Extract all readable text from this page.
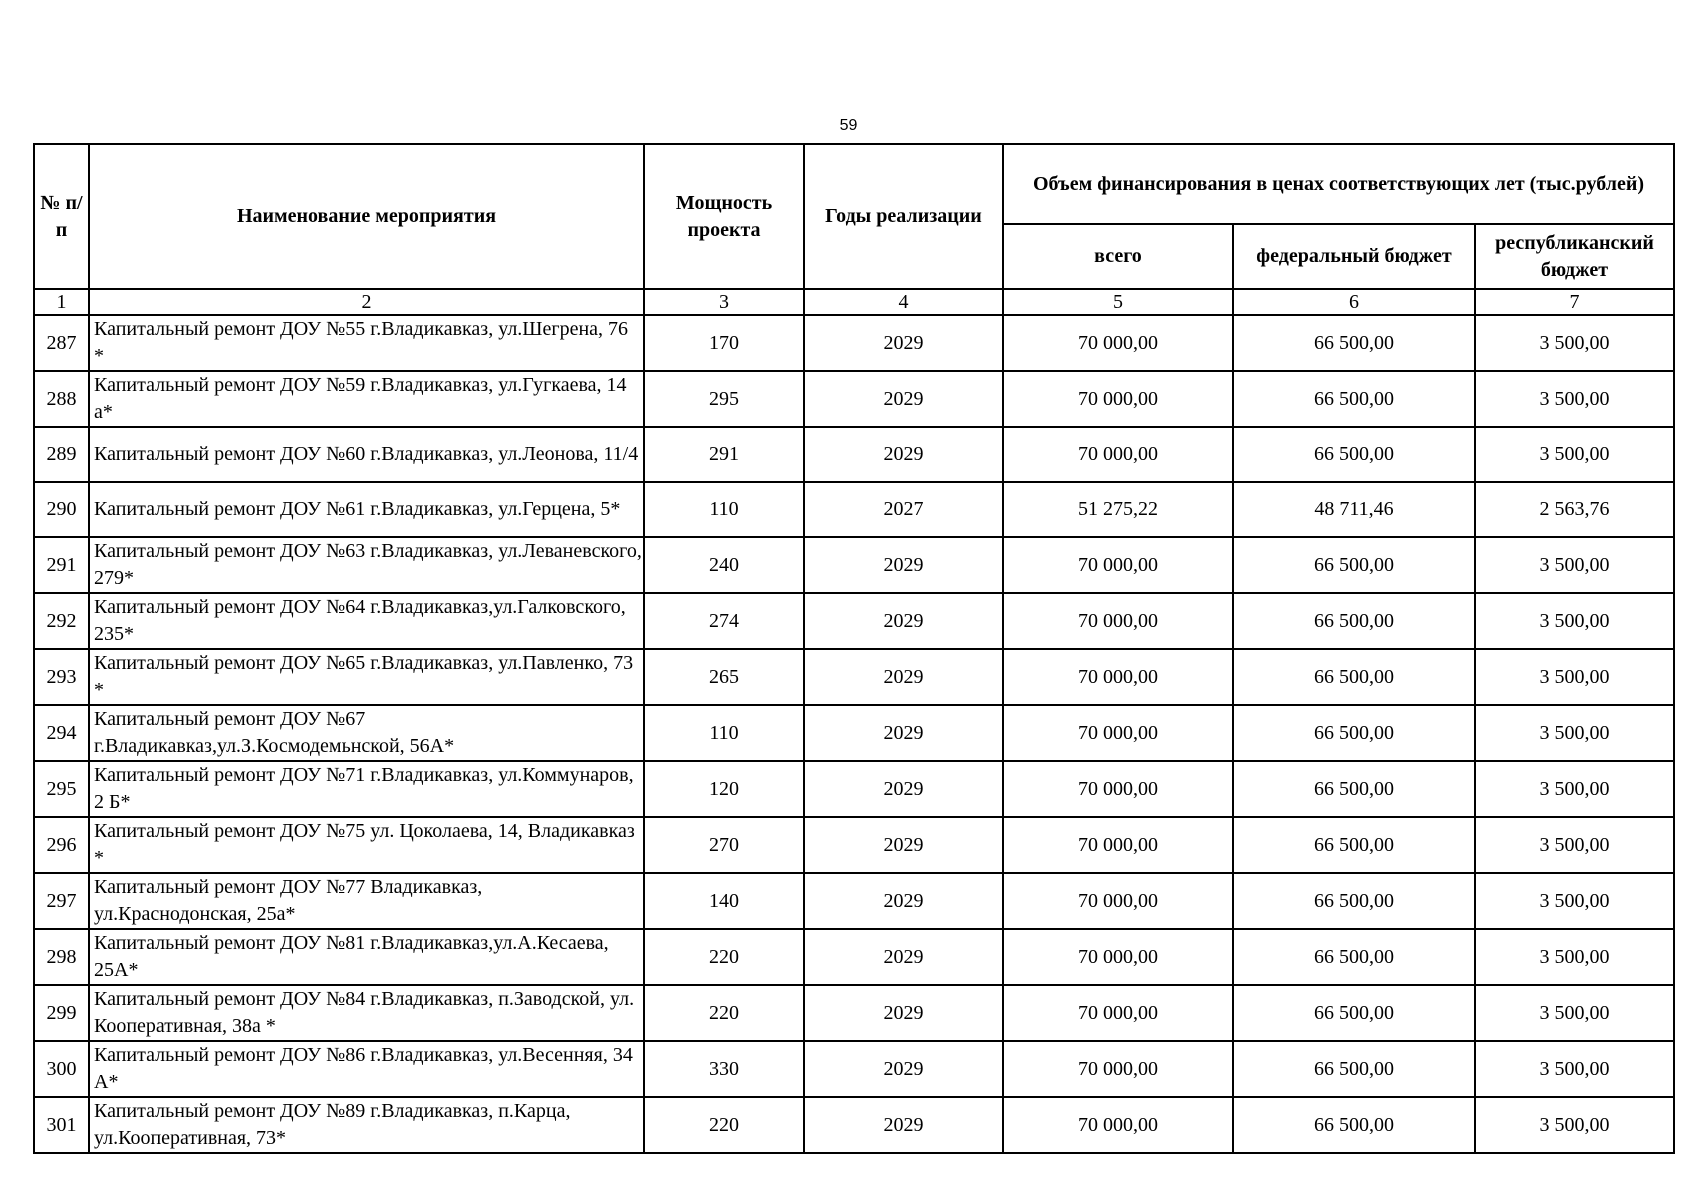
59
№ п/п	Наименование мероприятия	Мощность проекта	Годы реализации	Объем финансирования в ценах соответствующих лет (тыс.рублей)		
				всего	федеральный бюджет	республиканский бюджет
1	2	3	4	5	6	7
287	Капитальный ремонт ДОУ №55 г.Владикавказ, ул.Шегрена, 76 *	170	2029	70 000,00	66 500,00	3 500,00
288	Капитальный ремонт ДОУ №59 г.Владикавказ, ул.Гугкаева, 14 а*	295	2029	70 000,00	66 500,00	3 500,00
289	Капитальный ремонт ДОУ №60 г.Владикавказ, ул.Леонова, 11/4	291	2029	70 000,00	66 500,00	3 500,00
290	Капитальный ремонт ДОУ №61 г.Владикавказ, ул.Герцена, 5*	110	2027	51 275,22	48 711,46	2 563,76
291	Капитальный ремонт ДОУ №63 г.Владикавказ, ул.Леваневского, 279*	240	2029	70 000,00	66 500,00	3 500,00
292	Капитальный ремонт ДОУ №64 г.Владикавказ,ул.Галковского, 235*	274	2029	70 000,00	66 500,00	3 500,00
293	Капитальный ремонт ДОУ №65 г.Владикавказ, ул.Павленко, 73 *	265	2029	70 000,00	66 500,00	3 500,00
294	Капитальный ремонт ДОУ №67 г.Владикавказ,ул.З.Космодемьнской, 56А*	110	2029	70 000,00	66 500,00	3 500,00
295	Капитальный ремонт ДОУ №71 г.Владикавказ, ул.Коммунаров, 2 Б*	120	2029	70 000,00	66 500,00	3 500,00
296	Капитальный ремонт ДОУ №75 ул. Цоколаева, 14, Владикавказ *	270	2029	70 000,00	66 500,00	3 500,00
297	Капитальный ремонт ДОУ №77 Владикавказ, ул.Краснодонская, 25а*	140	2029	70 000,00	66 500,00	3 500,00
298	Капитальный ремонт ДОУ №81 г.Владикавказ,ул.А.Кесаева, 25А*	220	2029	70 000,00	66 500,00	3 500,00
299	Капитальный ремонт ДОУ №84 г.Владикавказ, п.Заводской, ул. Кооперативная, 38а *	220	2029	70 000,00	66 500,00	3 500,00
300	Капитальный ремонт ДОУ №86 г.Владикавказ, ул.Весенняя, 34 А*	330	2029	70 000,00	66 500,00	3 500,00
301	Капитальный ремонт ДОУ №89 г.Владикавказ, п.Карца, ул.Кооперативная, 73*	220	2029	70 000,00	66 500,00	3 500,00
